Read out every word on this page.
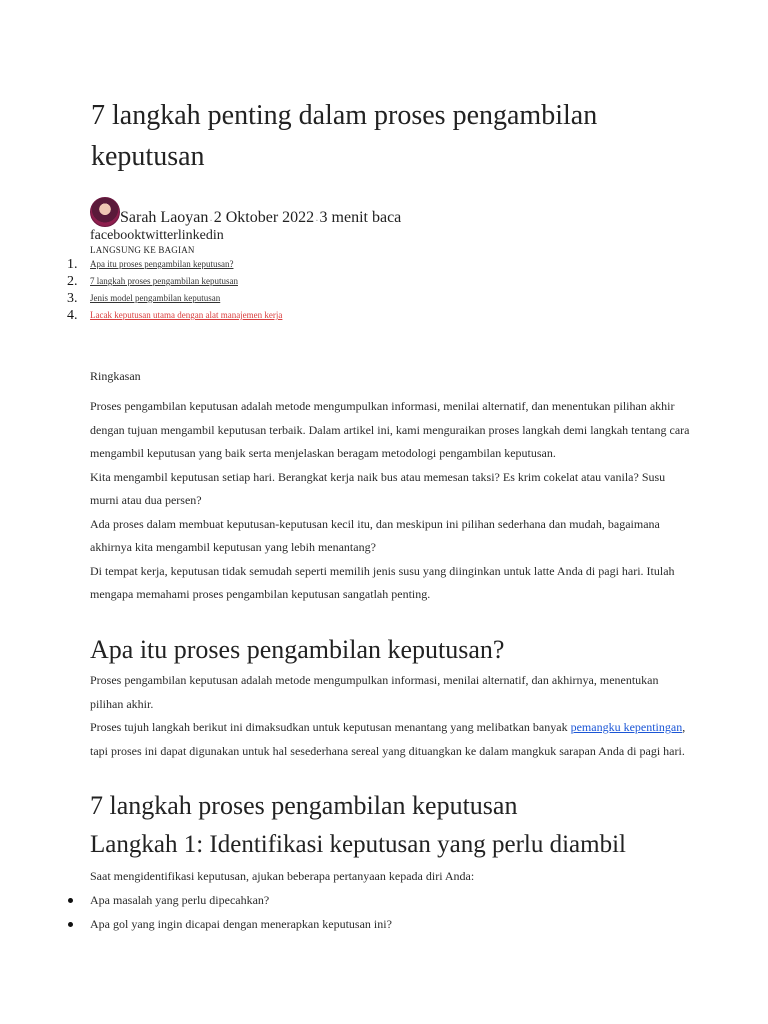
7 langkah penting dalam proses pengambilan keputusan
Sarah Laoyan · 2 Oktober 2022 · 3 menit baca
facebooktwitterlinkedin
LANGSUNG KE BAGIAN
1. Apa itu proses pengambilan keputusan?
2. 7 langkah proses pengambilan keputusan
3. Jenis model pengambilan keputusan
4. Lacak keputusan utama dengan alat manajemen kerja
Ringkasan

Proses pengambilan keputusan adalah metode mengumpulkan informasi, menilai alternatif, dan menentukan pilihan akhir dengan tujuan mengambil keputusan terbaik. Dalam artikel ini, kami menguraikan proses langkah demi langkah tentang cara mengambil keputusan yang baik serta menjelaskan beragam metodologi pengambilan keputusan.

Kita mengambil keputusan setiap hari. Berangkat kerja naik bus atau memesan taksi? Es krim cokelat atau vanila? Susu murni atau dua persen?

Ada proses dalam membuat keputusan-keputusan kecil itu, dan meskipun ini pilihan sederhana dan mudah, bagaimana akhirnya kita mengambil keputusan yang lebih menantang?

Di tempat kerja, keputusan tidak semudah seperti memilih jenis susu yang diinginkan untuk latte Anda di pagi hari. Itulah mengapa memahami proses pengambilan keputusan sangatlah penting.

Apa itu proses pengambilan keputusan?

Proses pengambilan keputusan adalah metode mengumpulkan informasi, menilai alternatif, dan akhirnya, menentukan pilihan akhir.

Proses tujuh langkah berikut ini dimaksudkan untuk keputusan menantang yang melibatkan banyak pemangku kepentingan, tapi proses ini dapat digunakan untuk hal sesederhana sereal yang dituangkan ke dalam mangkuk sarapan Anda di pagi hari.

7 langkah proses pengambilan keputusan
Langkah 1: Identifikasi keputusan yang perlu diambil

Saat mengidentifikasi keputusan, ajukan beberapa pertanyaan kepada diri Anda:

Apa masalah yang perlu dipecahkan?
Apa gol yang ingin dicapai dengan menerapkan keputusan ini?
